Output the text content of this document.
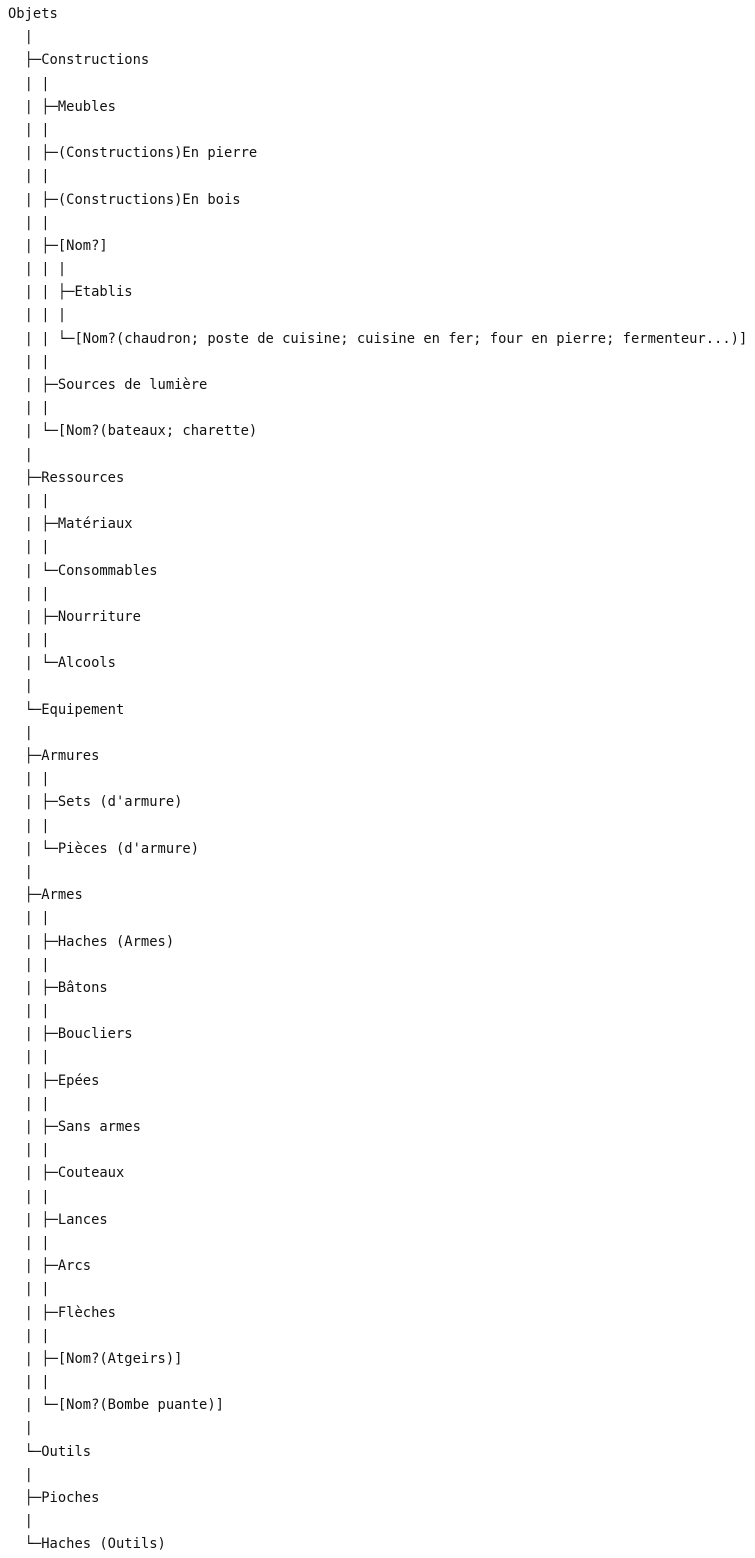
Objets
|
├─Constructions
| |
| ├─Meubles
| |
| ├─(Constructions)En pierre
| |
| ├─(Constructions)En bois
| |
| ├─[Nom?]
| | |
| | ├─Etablis
| | |
| | └─[Nom?(chaudron; poste de cuisine; cuisine en fer; four en pierre; fermenteur...)]
| |
| ├─Sources de lumière
| |
| └─[Nom?(bateaux; charette)
|
├─Ressources
| |
| ├─Matériaux
| |
| └─Consommables
| |
| ├─Nourriture
| |
| └─Alcools
|
└─Equipement
|
├─Armures
| |
| ├─Sets (d'armure)
| |
| └─Pièces (d'armure)
|
├─Armes
| |
| ├─Haches (Armes)
| |
| ├─Bâtons
| |
| ├─Boucliers
| |
| ├─Epées
| |
| ├─Sans armes
| |
| ├─Couteaux
| |
| ├─Lances
| |
| ├─Arcs
| |
| ├─Flèches
| |
| ├─[Nom?(Atgeirs)]
| |
| └─[Nom?(Bombe puante)]
|
└─Outils
|
├─Pioches
|
└─Haches (Outils)
